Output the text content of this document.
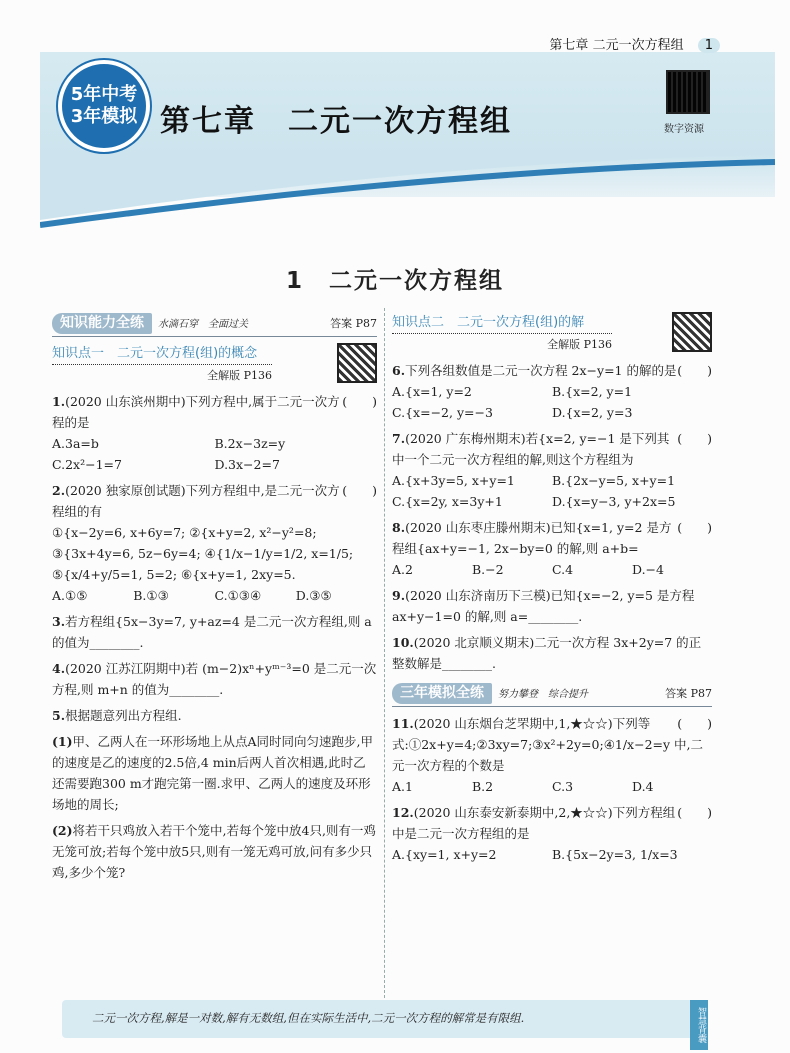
第七章 二元一次方程组 1
5年中考
3年模拟 第七章　二元一次方程组	数字资源
1　二元一次方程组
知识能力全练 水滴石穿　全面过关	答案 P87
知识点一　二元一次方程(组)的概念
全解版 P136
1.	(　　)
(2020 山东滨州期中)下列方程中,属于二元一次方程的是
A.3a=b	B.2x−3z=y
C.2x²−1=7	D.3x−2=7
2.	(　　)
(2020 独家原创试题)下列方程组中,是二元一次方程组的有
①{x−2y=6, x+6y=7; ②{x+y=2, x²−y²=8; ③{3x+4y=6, 5z−6y=4; ④{1/x−1/y=1/2, x=1/5; ⑤{x/4+y/5=1, 5=2; ⑥{x+y=1, 2xy=5.
A.①⑤	B.①③	C.①③④	D.③⑤
3.若方程组{5x−3y=7, y+az=4 是二元一次方程组,则 a 的值为________.
4.(2020 江苏江阴期中)若 (m−2)xⁿ+yᵐ⁻³=0 是二元一次方程,则 m+n 的值为________.
5.根据题意列出方程组.
(1)甲、乙两人在一环形场地上从点A同时同向匀速跑步,甲的速度是乙的速度的2.5倍,4 min后两人首次相遇,此时乙还需要跑300 m才跑完第一圈.求甲、乙两人的速度及环形场地的周长;
(2)将若干只鸡放入若干个笼中,若每个笼中放4只,则有一鸡无笼可放;若每个笼中放5只,则有一笼无鸡可放,问有多少只鸡,多少个笼?
知识点二　二元一次方程(组)的解
全解版 P136
6.	(　　)
下列各组数值是二元一次方程 2x−y=1 的解的是
A.{x=1, y=2	B.{x=2, y=1
C.{x=−2, y=−3	D.{x=2, y=3
7.	(　　)
(2020 广东梅州期末)若{x=2, y=−1 是下列其中一个二元一次方程组的解,则这个方程组为
A.{x+3y=5, x+y=1	B.{2x−y=5, x+y=1
C.{x=2y, x=3y+1	D.{x=y−3, y+2x=5
8.	(　　)
(2020 山东枣庄滕州期末)已知{x=1, y=2 是方程组{ax+y=−1, 2x−by=0 的解,则 a+b=
A.2	B.−2	C.4	D.−4
9.(2020 山东济南历下三模)已知{x=−2, y=5 是方程 ax+y−1=0 的解,则 a=________.
10.(2020 北京顺义期末)二元一次方程 3x+2y=7 的正整数解是________.
三年模拟全练 努力攀登　综合提升	答案 P87
11.	(　　)
(2020 山东烟台芝罘期中,1,★☆☆)下列等式:①2x+y=4;②3xy=7;③x²+2y=0;④1/x−2=y 中,二元一次方程的个数是
A.1	B.2	C.3	D.4
12.	(　　)
(2020 山东泰安新泰期中,2,★☆☆)下列方程组中是二元一次方程组的是
A.{xy=1, x+y=2	B.{5x−2y=3, 1/x=3
二元一次方程,解是一对数,解有无数组,但在实际生活中,二元一次方程的解常是有限组.	智慧背囊
